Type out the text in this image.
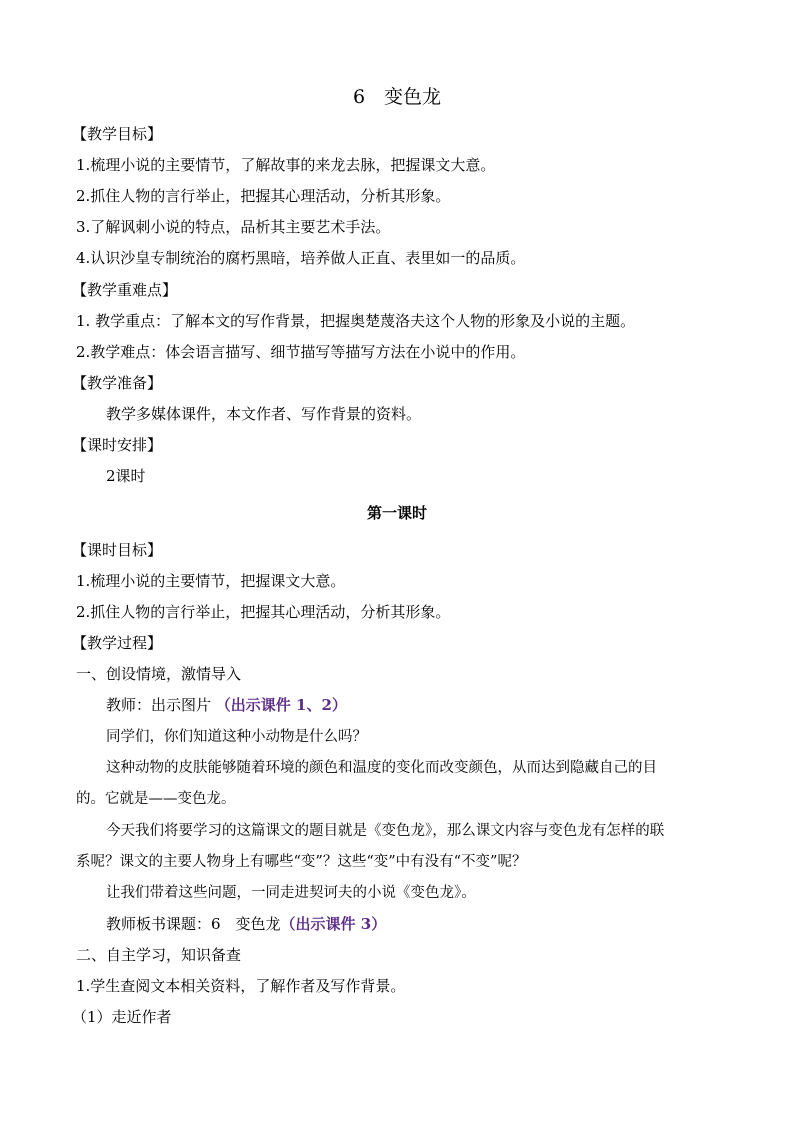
6　变色龙
【教学目标】
1.梳理小说的主要情节，了解故事的来龙去脉，把握课文大意。
2.抓住人物的言行举止，把握其心理活动，分析其形象。
3.了解讽刺小说的特点，品析其主要艺术手法。
4.认识沙皇专制统治的腐朽黑暗，培养做人正直、表里如一的品质。
【教学重难点】
1. 教学重点：了解本文的写作背景，把握奥楚蔑洛夫这个人物的形象及小说的主题。
2.教学难点：体会语言描写、细节描写等描写方法在小说中的作用。
【教学准备】
教学多媒体课件，本文作者、写作背景的资料。
【课时安排】
2课时
第一课时
【课时目标】
1.梳理小说的主要情节，把握课文大意。
2.抓住人物的言行举止，把握其心理活动，分析其形象。
【教学过程】
一、创设情境，激情导入
教师：出示图片 （出示课件 1、2）
同学们，你们知道这种小动物是什么吗？
这种动物的皮肤能够随着环境的颜色和温度的变化而改变颜色，从而达到隐藏自己的目
的。它就是——变色龙。
今天我们将要学习的这篇课文的题目就是《变色龙》，那么课文内容与变色龙有怎样的联
系呢？课文的主要人物身上有哪些“变”？这些“变”中有没有“不变”呢？
让我们带着这些问题，一同走进契诃夫的小说《变色龙》。
教师板书课题：6　变色龙（出示课件 3）
二、自主学习，知识备查
1.学生查阅文本相关资料，了解作者及写作背景。
（1）走近作者
